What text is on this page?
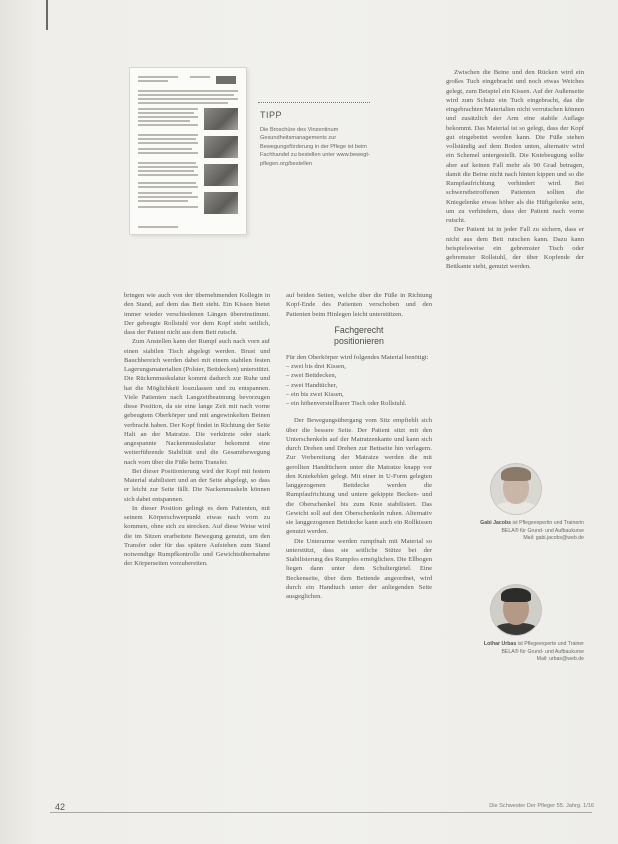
TIPP
Die Broschüre des Vinzentinum Gesundheitsmanagements zur Bewegungsförderung in der Pflege ist beim Fachhandel zu bestellen unter www.bewegt-pflegen.org/bestellen

bringen wie auch von der übernehmenden Kollegin in den Stand, auf dem das Bett steht. Ein Kissen bietet immer wieder verschiedenen Längen übereinstimmt. Der gebeugte Rollstuhl vor dem Kopf steht seitlich, dass der Patient nicht aus dem Bett rutscht.

Zum Anstellen kann der Rumpf auch nach vorn auf einen stabilen Tisch abgelegt werden. Brust und Bauchbereich werden dabei mit einem stabilen festen Lagerungsmaterialien (Polster, Bettdecken) unterstützt. Die Rückenmuskulatur kommt dadurch zur Ruhe und hat die Möglichkeit loszulassen und zu entspannen. Viele Patienten nach Langzeitbeatmung bevorzugen diese Position, da sie eine lange Zeit mit nach vorne gebeugtem Oberkörper und mit angewinkelten Beinen verbracht haben. Der Kopf findet in Richtung der Seite Halt an der Matratze. Die verkürzte oder stark angespannte Nackenmuskulatur bekommt eine weiterführende Stabilität und die Gesamtbewegung nach vorn über die Füße beim Transfer.

Bei dieser Positionierung wird der Kopf mit festem Material stabilisiert und an der Seite abgelegt, so dass er leicht zur Seite fällt. Die Nackenmuskeln können sich dabei entspannen.

In dieser Position gelingt es dem Patienten, mit seinem Körperschwerpunkt etwas nach vorn zu kommen, ohne sich zu strecken. Auf diese Weise wird die im Sitzen erarbeitete Bewegung genutzt, um den Transfer oder für das spätere Aufstehen zum Stand notwendige Rumpfkontrolle und Gewichtsübernahme der Körperseiten vorzubereiten.

auf beiden Seiten, welche über die Füße in Richtung Kopf-Ende des Patienten verschoben und den Patienten beim Hinlegen leicht unterstützen.

Fachgerecht
positionieren

Für den Oberkörper wird folgendes Material benötigt:

– zwei bis drei Kissen,
– zwei Bettdecken,
– zwei Handtücher,
– ein bis zwei Kissen,
– ein höhenverstellbarer Tisch oder Rollstuhl.

Der Bewegungsübergang vom Sitz empfiehlt sich über die bessere Seite. Der Patient sitzt mit den Unterschenkeln auf der Matratzenkante und kann sich durch Drehen und Drehen zur Bettseite hin verlagern. Zur Vorbereitung der Matratze werden die mit gerollten Handtüchern unter die Matratze knapp vor den Kniekehlen gelegt. Mit einer in U-Form gelegten langgezogenen Bettdecke werden die Rumpfaufrichtung und untere gekippte Becken- und die Oberschenkel bis zum Knie stabilisiert. Das Gewicht soll auf den Oberschenkeln ruhen. Alternativ sie langgezogenen Bettdecke kann auch ein Rollkissen genutzt werden.

Die Unterarme werden rumpfnah mit Material so unterstützt, dass sie seitliche Stütze bei der Stabilisierung des Rumpfes ermöglichen. Die Ellbogen liegen dann unter dem Schultergürtel. Eine Beckenseite, über dem Bettende angeordnet, wird durch ein Handtuch unter der anliegenden Seite ausgeglichen.

Zwischen die Beine und den Rücken wird ein großes Tuch eingebracht und noch etwas Weiches gelegt, zum Beispiel ein Kissen. Auf der Außenseite wird zum Schutz ein Tuch eingebracht, das die eingebrachten Materialien nicht verrutschen können und zusätzlich der Arm eine stabile Auflage bekommt. Das Material ist so gelegt, dass der Kopf gut eingebettet werden kann. Die Füße stehen vollständig auf dem Boden unten, alternativ wird ein Schemel untergestellt. Die Kniebeugung sollte aber auf keinen Fall mehr als 90 Grad betragen, damit die Beine nicht nach hinten kippen und so die Rumpfaufrichtung verhindert wird. Bei schwerstbetroffenen Patienten sollten die Kniegelenke etwas höher als die Hüftgelenke sein, um zu verhindern, dass der Patient nach vorne rutscht.

Der Patient ist in jeder Fall zu sichern, dass er nicht aus dem Bett rutschen kann. Dazu kann beispielsweise ein gebremster Tisch oder gebremster Rollstuhl, der über Kopfende der Bettkante steht, genutzt werden.

Gabi Jacobs ist Pflegeexpertin und Trainerin BELA® für Grund- und Aufbaukurse
Mail: gabi.jacobs@web.de
Lothar Urbas ist Pflegeexperte und Trainer BELA® für Grund- und Aufbaukurse
Mail: urbas@web.de
42	Die Schwester Der Pfleger 55. Jahrg. 1/16
